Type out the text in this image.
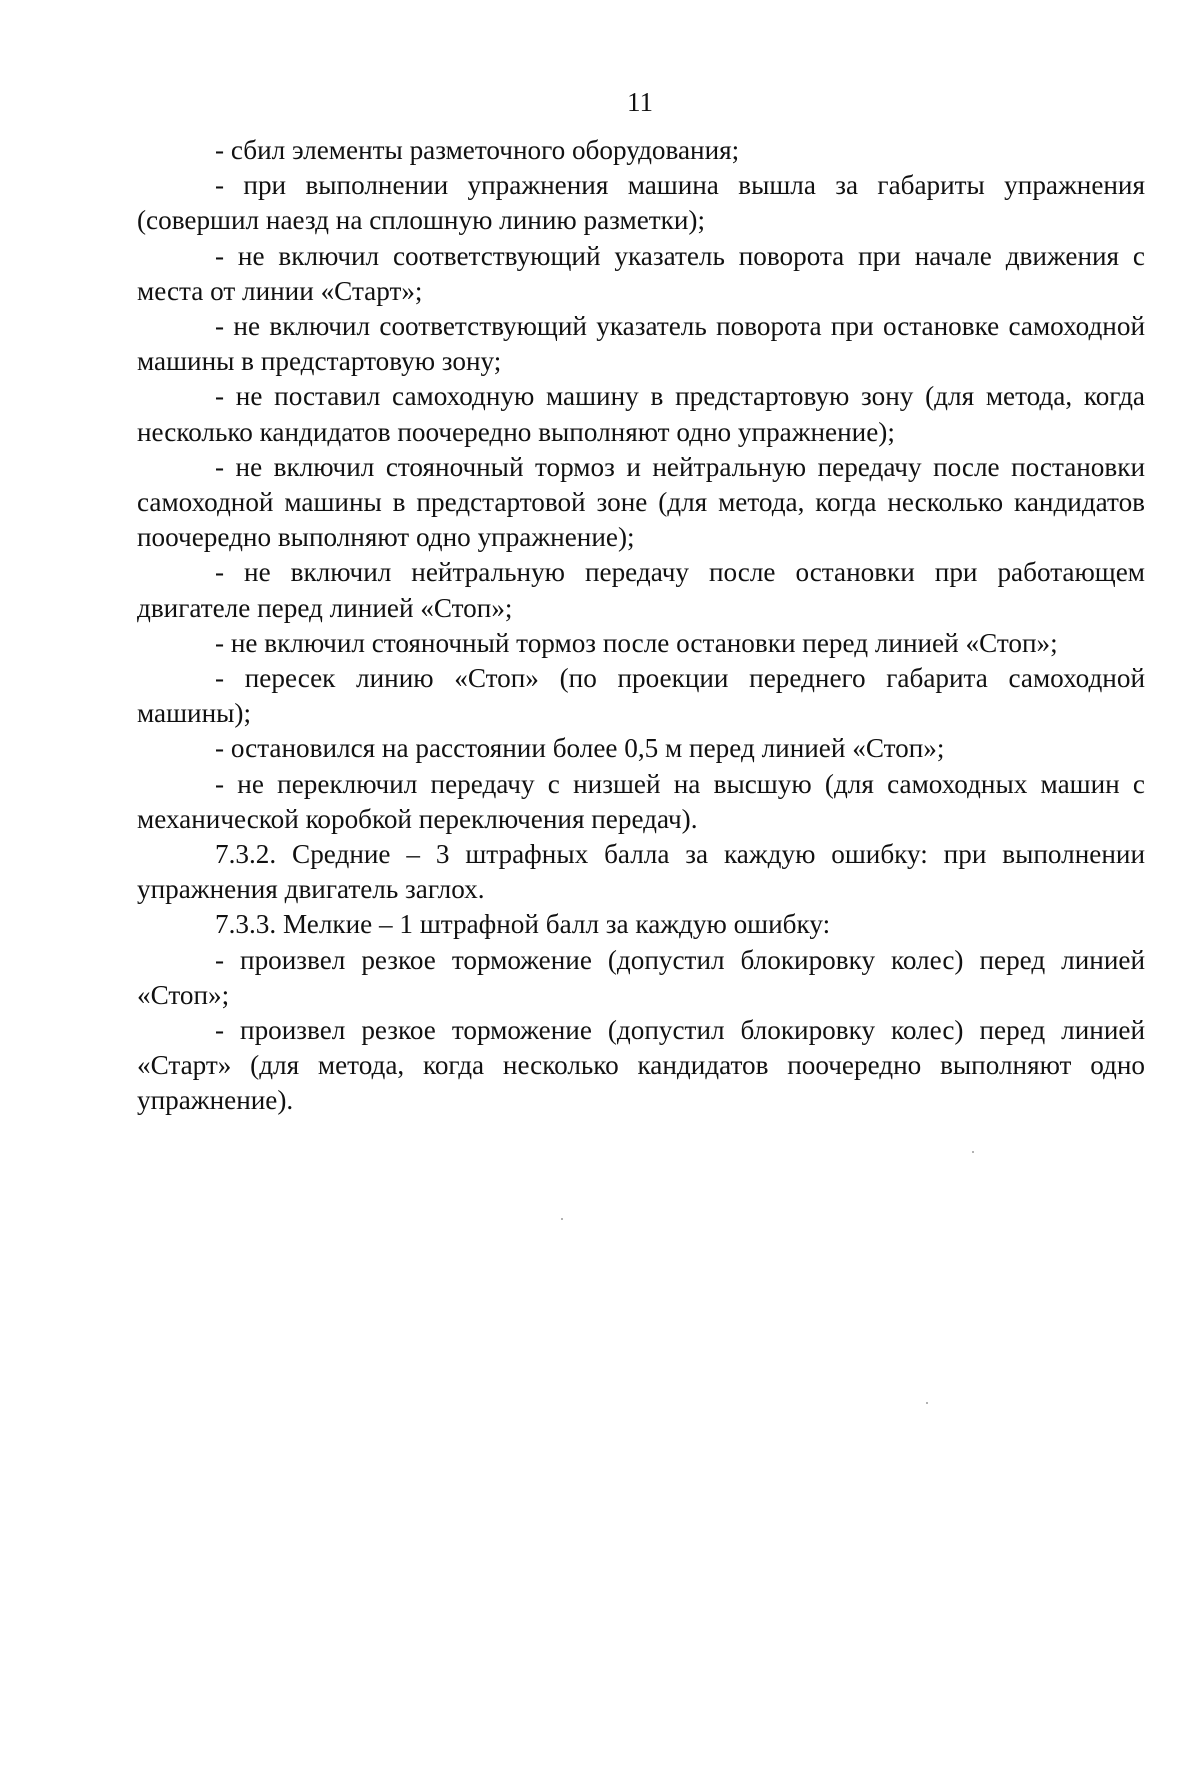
11

- сбил элементы разметочного оборудования;

- при выполнении упражнения машина вышла за габариты упражнения (совершил наезд на сплошную линию разметки);

- не включил соответствующий указатель поворота при начале движения с места от линии «Старт»;

- не включил соответствующий указатель поворота при остановке самоходной машины в предстартовую зону;

- не поставил самоходную машину в предстартовую зону (для метода, когда несколько кандидатов поочередно выполняют одно упражнение);

- не включил стояночный тормоз и нейтральную передачу после постановки самоходной машины в предстартовой зоне (для метода, когда несколько кандидатов поочередно выполняют одно упражнение);

- не включил нейтральную передачу после остановки при работающем двигателе перед линией «Стоп»;

- не включил стояночный тормоз после остановки перед линией «Стоп»;

- пересек линию «Стоп» (по проекции переднего габарита самоходной машины);

- остановился на расстоянии более 0,5 м перед линией «Стоп»;

- не переключил передачу с низшей на высшую (для самоходных машин с механической коробкой переключения передач).

7.3.2. Средние – 3 штрафных балла за каждую ошибку: при выполнении упражнения двигатель заглох.

7.3.3. Мелкие – 1 штрафной балл за каждую ошибку:

- произвел резкое торможение (допустил блокировку колес) перед линией «Стоп»;

- произвел резкое торможение (допустил блокировку колес) перед линией «Старт» (для метода, когда несколько кандидатов поочередно выполняют одно упражнение).
